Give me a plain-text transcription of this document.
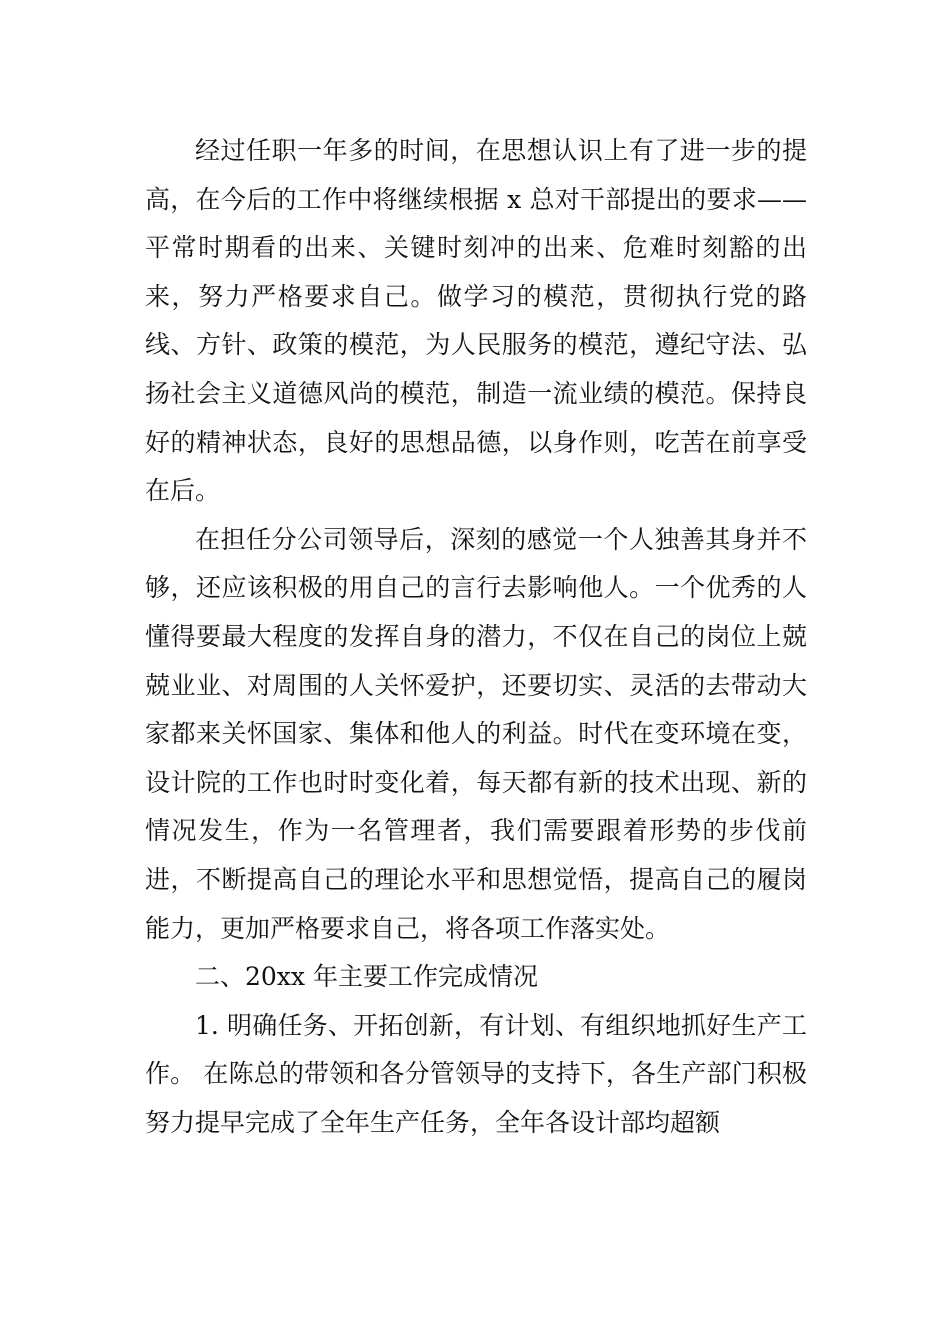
经过任职一年多的时间，在思想认识上有了进一步的提高，在今后的工作中将继续根据 x 总对干部提出的要求——平常时期看的出来、关键时刻冲的出来、危难时刻豁的出来，努力严格要求自己。做学习的模范，贯彻执行党的路线、方针、政策的模范，为人民服务的模范，遵纪守法、弘扬社会主义道德风尚的模范，制造一流业绩的模范。保持良好的精神状态，良好的思想品德，以身作则，吃苦在前享受在后。

在担任分公司领导后，深刻的感觉一个人独善其身并不够，还应该积极的用自己的言行去影响他人。一个优秀的人懂得要最大程度的发挥自身的潜力，不仅在自己的岗位上兢兢业业、对周围的人关怀爱护，还要切实、灵活的去带动大家都来关怀国家、集体和他人的利益。时代在变环境在变，设计院的工作也时时变化着，每天都有新的技术出现、新的情况发生，作为一名管理者，我们需要跟着形势的步伐前进，不断提高自己的理论水平和思想觉悟，提高自己的履岗能力，更加严格要求自己，将各项工作落实处。

二、20xx 年主要工作完成情况

1. 明确任务、开拓创新，有计划、有组织地抓好生产工作。 在陈总的带领和各分管领导的支持下，各生产部门积极努力提早完成了全年生产任务，全年各设计部均超额
